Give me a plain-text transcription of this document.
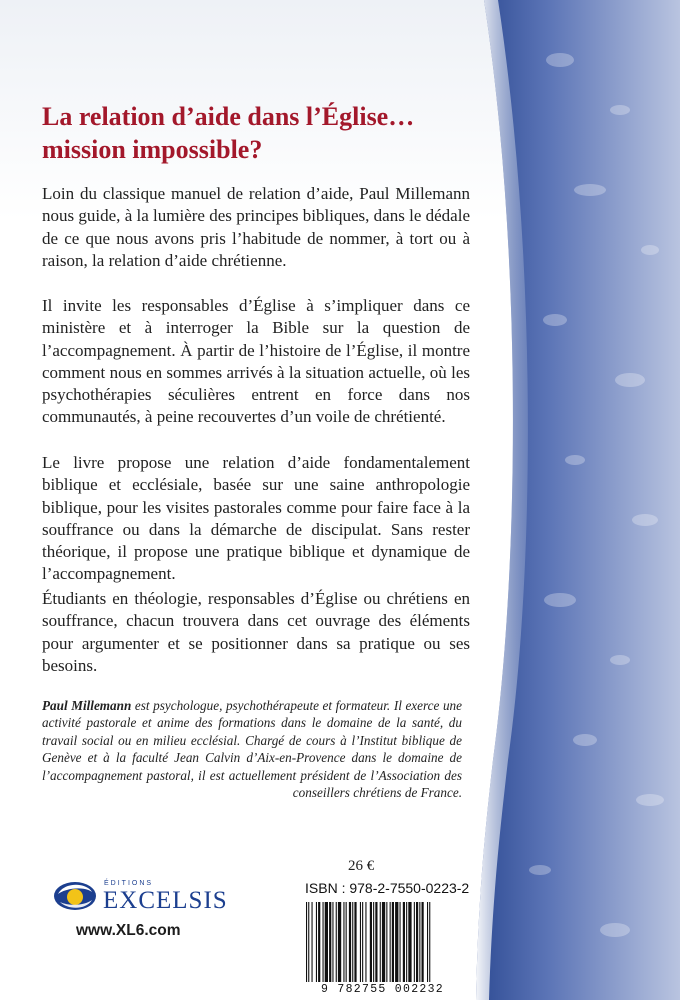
La relation d’aide dans l’Église…
mission impossible?

Loin du classique manuel de relation d’aide, Paul Millemann nous guide, à la lumière des principes bibliques, dans le dédale de ce que nous avons pris l’habitude de nommer, à tort ou à raison, la relation d’aide chrétienne.

Il invite les responsables d’Église à s’impliquer dans ce ministère et à interroger la Bible sur la question de l’accompagnement. À partir de l’histoire de l’Église, il montre comment nous en sommes arrivés à la situation actuelle, où les psychothérapies séculières entrent en force dans nos communautés, à peine recouvertes d’un voile de chrétienté.

Le livre propose une relation d’aide fondamentalement biblique et ecclésiale, basée sur une saine anthropologie biblique, pour les visites pastorales comme pour faire face à la souffrance ou dans la démarche de discipulat. Sans rester théorique, il propose une pratique biblique et dynamique de l’accompagnement.

Étudiants en théologie, responsables d’Église ou chrétiens en souffrance, chacun trouvera dans cet ouvrage des éléments pour argumenter et se positionner dans sa pratique ou ses besoins.

Paul Millemann est psychologue, psychothérapeute et formateur. Il exerce une activité pastorale et anime des formations dans le domaine de la santé, du travail social ou en milieu ecclésial. Chargé de cours à l’Institut biblique de Genève et à la faculté Jean Calvin d’Aix-en-Provence dans le domaine de l’accompagnement pastoral, il est actuellement président de l’Association des conseillers chrétiens de France.

ÉDITIONS
EXCELSIS
www.XL6.com
26 €
ISBN : 978-2-7550-0223-2
9 782755 002232
